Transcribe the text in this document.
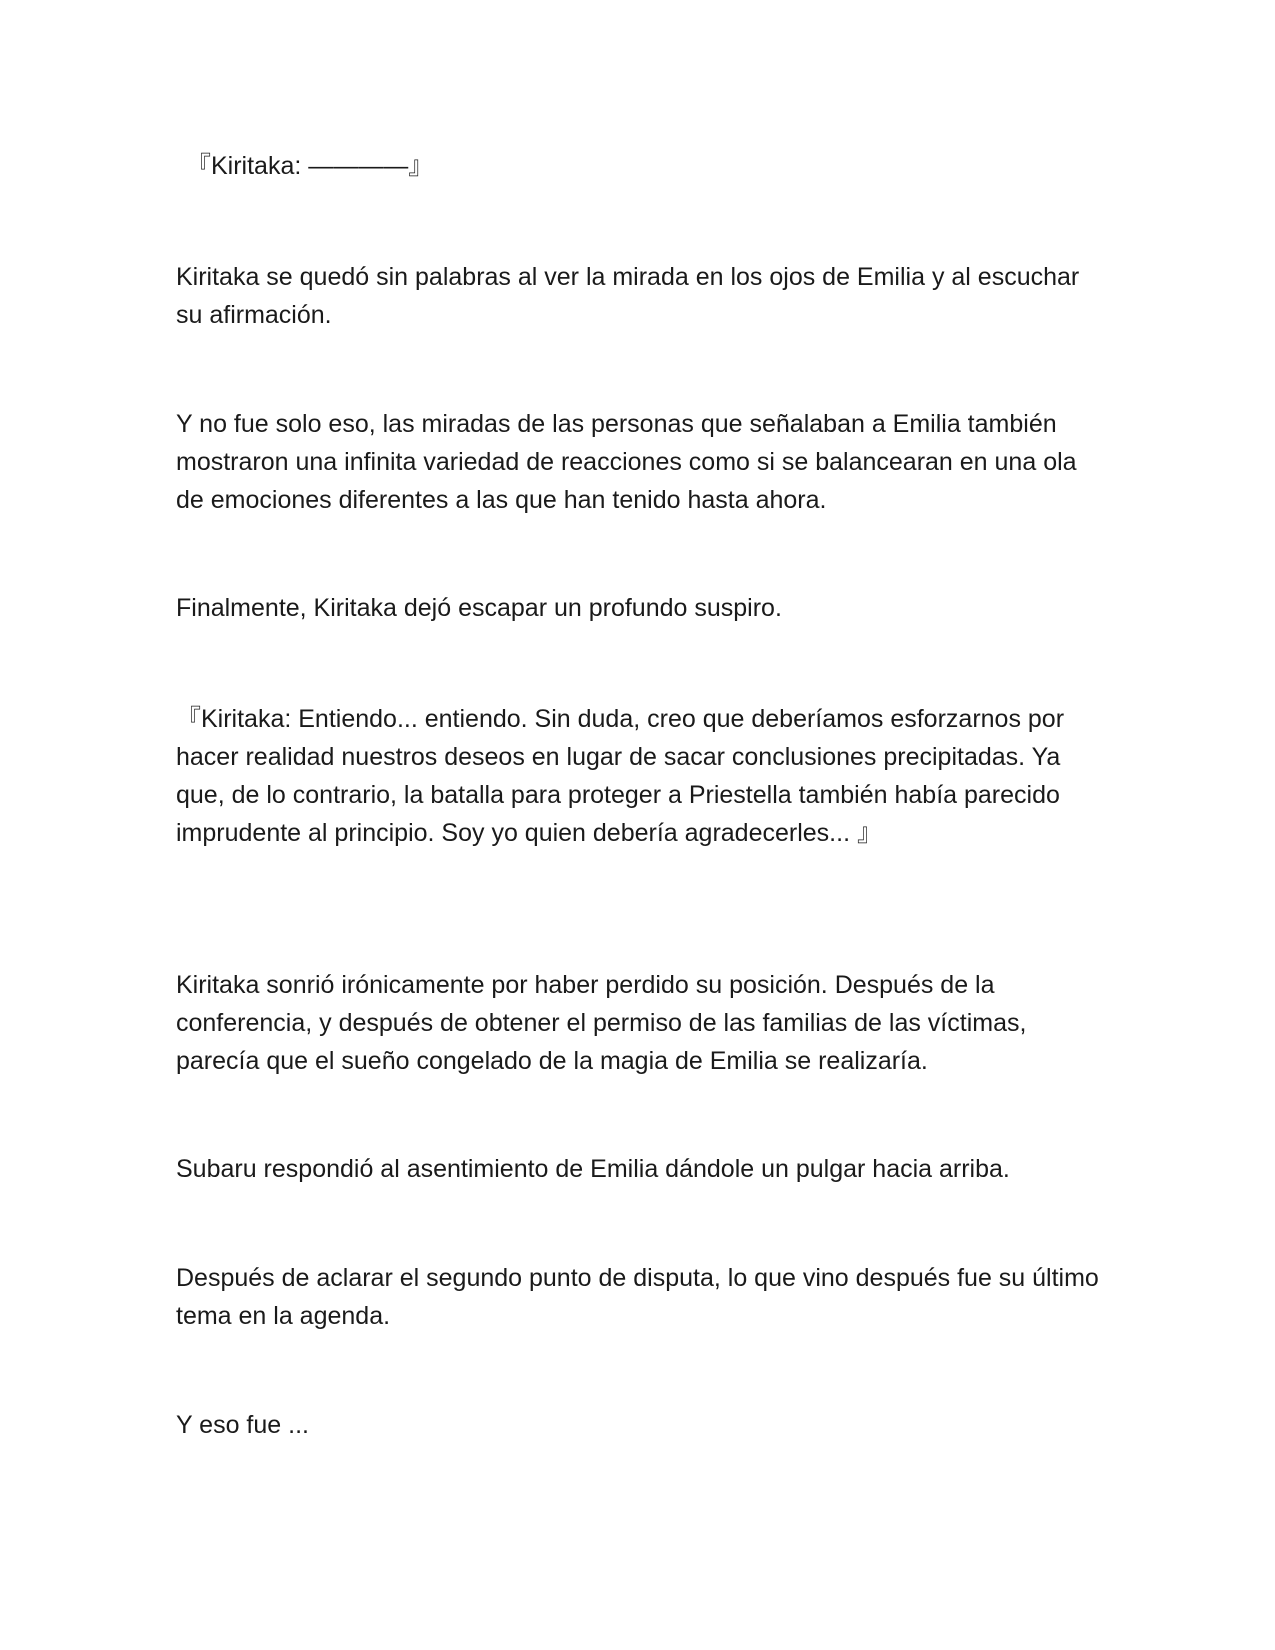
『Kiritaka: ————』

Kiritaka se quedó sin palabras al ver la mirada en los ojos de Emilia y al escuchar su afirmación.

Y no fue solo eso, las miradas de las personas que señalaban a Emilia también mostraron una infinita variedad de reacciones como si se balancearan en una ola de emociones diferentes a las que han tenido hasta ahora.

Finalmente, Kiritaka dejó escapar un profundo suspiro.

『Kiritaka: Entiendo... entiendo. Sin duda, creo que deberíamos esforzarnos por hacer realidad nuestros deseos en lugar de sacar conclusiones precipitadas. Ya que, de lo contrario, la batalla para proteger a Priestella también había parecido imprudente al principio. Soy yo quien debería agradecerles... 』

Kiritaka sonrió irónicamente por haber perdido su posición. Después de la conferencia, y después de obtener el permiso de las familias de las víctimas, parecía que el sueño congelado de la magia de Emilia se realizaría.

Subaru respondió al asentimiento de Emilia dándole un pulgar hacia arriba.

Después de aclarar el segundo punto de disputa, lo que vino después fue su último tema en la agenda.

Y eso fue ...
